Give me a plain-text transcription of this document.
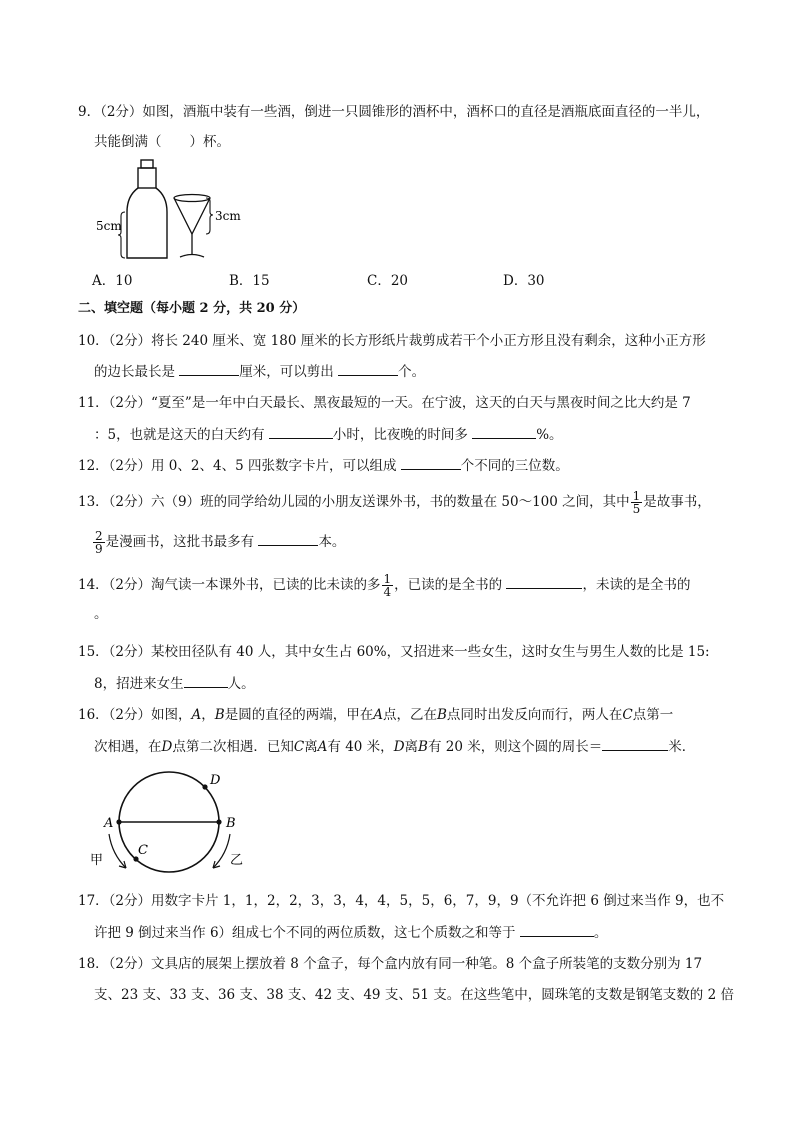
9．（2分）如图，酒瓶中装有一些酒，倒进一只圆锥形的酒杯中，酒杯口的直径是酒瓶底面直径的一半儿，
共能倒满（ ）杯。
5cm
3cm
A．10	B．15	C．20	D．30
二、填空题（每小题 2 分，共 20 分）
10．（2分）将长 240 厘米、宽 180 厘米的长方形纸片裁剪成若干个小正方形且没有剩余，这种小正方形
的边长最长是	厘米，可以剪出	个。
11．（2分）“夏至”是一年中白天最长、黑夜最短的一天。在宁波，这天的白天与黑夜时间之比大约是 7
：5，也就是这天的白天约有	小时，比夜晚的时间多	%。
12．（2分）用 0、2、4、5 四张数字卡片，可以组成	个不同的三位数。
13．（2分）六（9）班的同学给幼儿园的小朋友送课外书，书的数量在 50～100 之间，其中 $\frac{1}{5}$ 是故事书，
$\frac{2}{9}$ 是漫画书，这批书最多有	本。
14．（2分）淘气读一本课外书，已读的比未读的多 $\frac{1}{4}$ ，已读的是全书的	，未读的是全书的
。
15．（2分）某校田径队有 40 人，其中女生占 60%，又招进来一些女生，这时女生与男生人数的比是 15:
8，招进来女生	人。
16．（2分）如图，A，B是圆的直径的两端，甲在A点，乙在B点同时出发反向而行，两人在C点第一
次相遇，在D点第二次相遇．已知C离A有 40 米，D离B有 20 米，则这个圆的周长＝	米．
A	B
C
D
甲	乙
17．（2分）用数字卡片 1，1，2，2，3，3，4，4，5，5，6，7，9，9（不允许把 6 倒过来当作 9，也不
许把 9 倒过来当作 6）组成七个不同的两位质数，这七个质数之和等于	。
18．（2分）文具店的展架上摆放着 8 个盒子，每个盒内放有同一种笔。8 个盒子所装笔的支数分别为 17
支、23 支、33 支、36 支、38 支、42 支、49 支、51 支。在这些笔中，圆珠笔的支数是钢笔支数的 2 倍
